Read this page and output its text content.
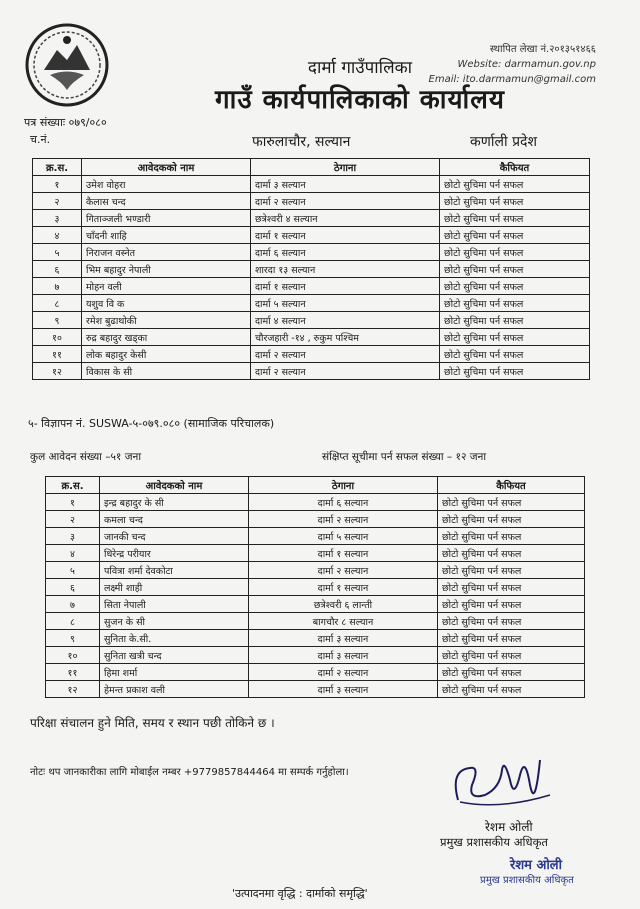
स्थापित लेखा नं.२०१३५१४६६
Website: darmamun.gov.np
Email: ito.darmamun@gmail.com
दार्मा गाउँपालिका
गाउँ कार्यपालिकाको कार्यालय
पत्र संख्याः ०७९/०८०
च.नं.	फारुलाचौर, सल्यान	कर्णाली प्रदेश
क्र.स.	आवेदकको नाम	ठेगाना	कैफियत
१	उमेश वोहरा	दार्मा ३ सल्यान	छोटो सुचिमा पर्न सफल
२	कैलास चन्द	दार्मा २ सल्यान	छोटो सुचिमा पर्न सफल
३	गिताञ्जली भण्डारी	छत्रेश्वरी ४ सल्यान	छोटो सुचिमा पर्न सफल
४	चाँदनी शाहि	दार्मा १ सल्यान	छोटो सुचिमा पर्न सफल
५	निराजन वस्नेत	दार्मा ६ सल्यान	छोटो सुचिमा पर्न सफल
६	भिम बहादुर नेपाली	शारदा १३ सल्यान	छोटो सुचिमा पर्न सफल
७	मोहन वली	दार्मा १ सल्यान	छोटो सुचिमा पर्न सफल
८	यशुव वि क	दार्मा ५ सल्यान	छोटो सुचिमा पर्न सफल
९	रमेश बुढाथोकी	दार्मा ४ सल्यान	छोटो सुचिमा पर्न सफल
१०	रुद्र बहादुर खड्का	चौरजहारी -१४ , रुकुम पश्चिम	छोटो सुचिमा पर्न सफल
११	लोक बहादुर केसी	दार्मा २ सल्यान	छोटो सुचिमा पर्न सफल
१२	विकास के सी	दार्मा २ सल्यान	छोटो सुचिमा पर्न सफल
५- विज्ञापन नं. SUSWA-५-०७९.०८० (सामाजिक परिचालक)
कुल आवेदन संख्या –५१ जना	संक्षिप्त सूचीमा पर्न सफल संख्या – १२ जना
क्र.स.	आवेदकको नाम	ठेगाना	कैफियत
१	इन्द्र बहादुर के सी	दार्मा ६ सल्यान	छोटो सुचिमा पर्न सफल
२	कमला चन्द	दार्मा २ सल्यान	छोटो सुचिमा पर्न सफल
३	जानकी चन्द	दार्मा ५ सल्यान	छोटो सुचिमा पर्न सफल
४	धिरेन्द्र परीयार	दार्मा १ सल्यान	छोटो सुचिमा पर्न सफल
५	पवित्रा शर्मा देवकोटा	दार्मा २ सल्यान	छोटो सुचिमा पर्न सफल
६	लक्ष्मी शाही	दार्मा १ सल्यान	छोटो सुचिमा पर्न सफल
७	सिता नेपाली	छत्रेश्वरी ६ लान्ती	छोटो सुचिमा पर्न सफल
८	सुजन के सी	बागचौर ८ सल्यान	छोटो सुचिमा पर्न सफल
९	सुनिता के.सी.	दार्मा ३ सल्यान	छोटो सुचिमा पर्न सफल
१०	सुनिता खत्री चन्द	दार्मा ३ सल्यान	छोटो सुचिमा पर्न सफल
११	हिमा शर्मा	दार्मा २ सल्यान	छोटो सुचिमा पर्न सफल
१२	हेमन्त प्रकाश वली	दार्मा ३ सल्यान	छोटो सुचिमा पर्न सफल
परिक्षा संचालन हुने मिति, समय र स्थान पछी तोकिने छ ।
नोटः थप जानकारीका लागि मोबाईल नम्बर +9779857844464 मा सम्पर्क गर्नुहोला।
रेशम ओली
प्रमुख प्रशासकीय अधिकृत
रेशम ओली
प्रमुख प्रशासकीय अधिकृत
'उत्पादनमा वृद्धि : दार्माको समृद्धि'
